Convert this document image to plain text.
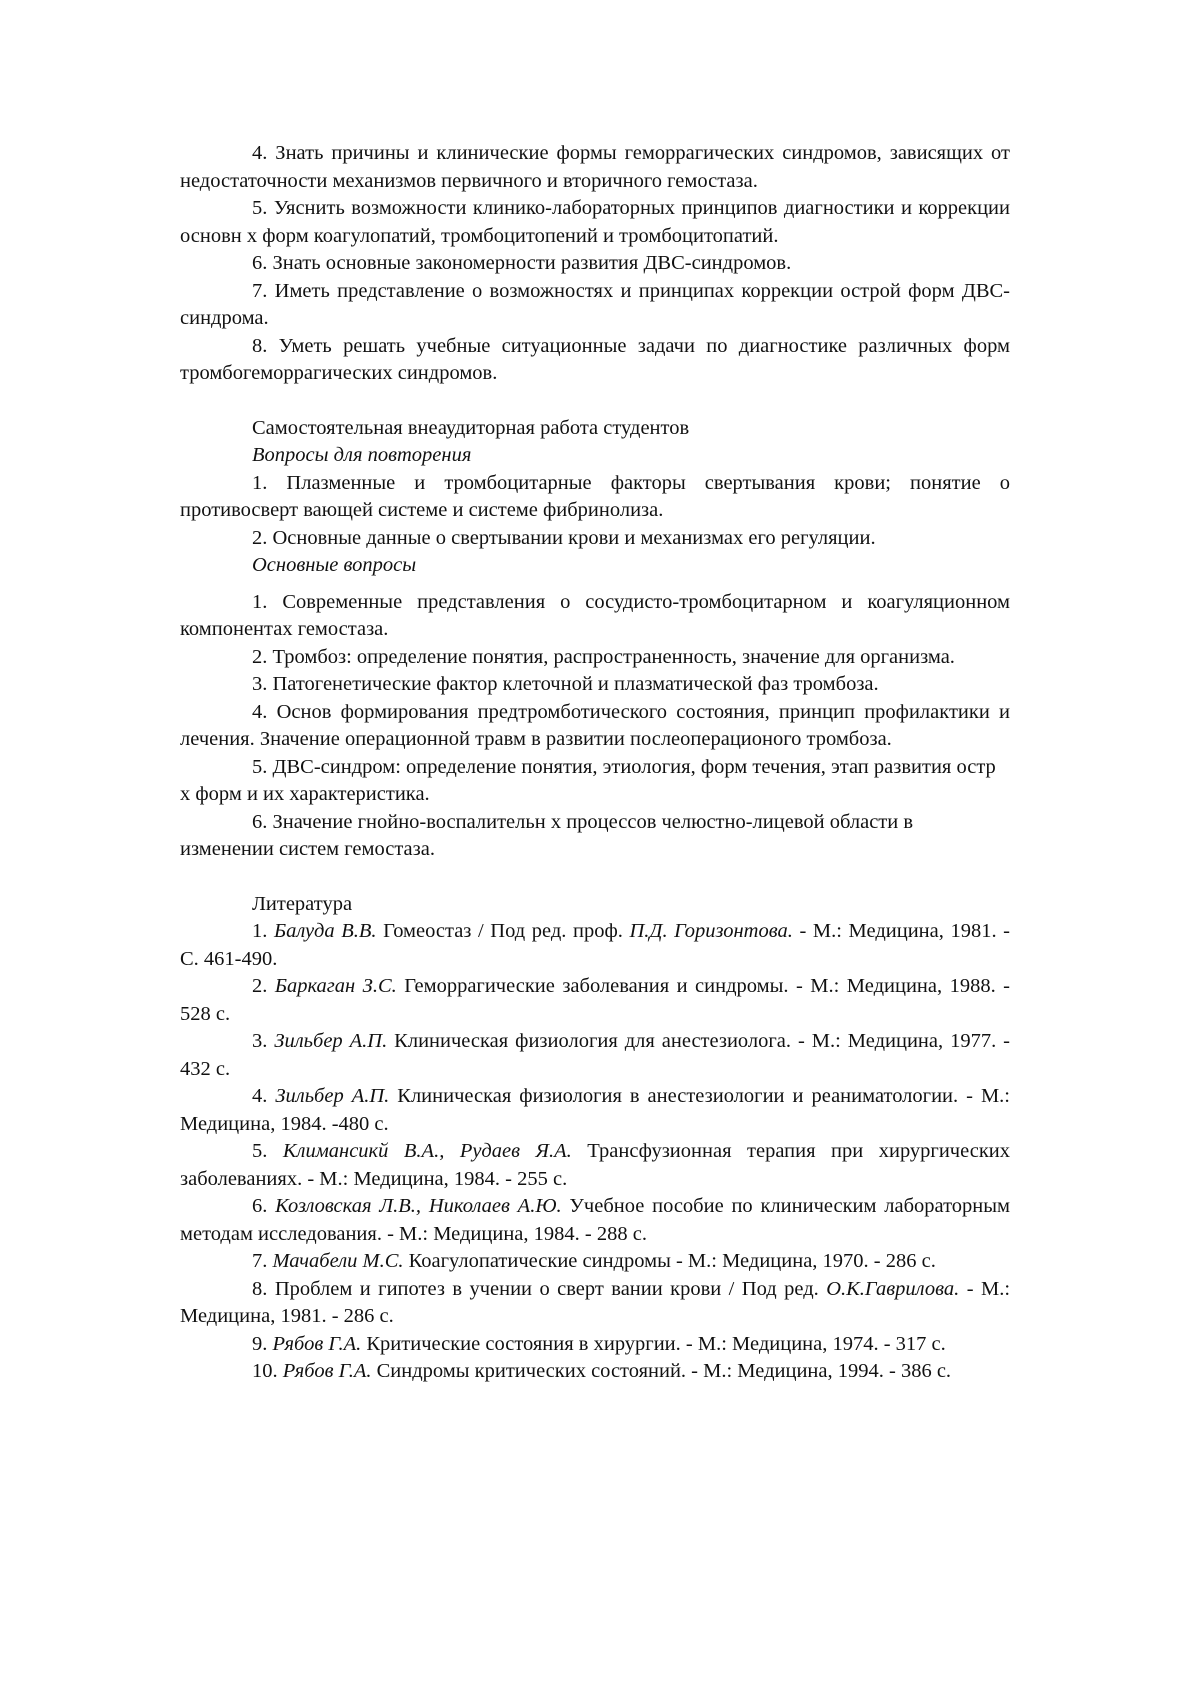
4. Знать причины и клинические формы геморрагических синдромов, зависящих от недостаточности механизмов первичного и вторичного гемостаза.

5. Уяснить возможности клинико-лабораторных принципов диагностики и коррекции основн х форм коагулопатий, тромбоцитопений и тромбоцитопатий.

6. Знать основные закономерности развития ДВС-синдромов.

7. Иметь представление о возможностях и принципах коррекции острой форм ДВС-синдрома.

8. Уметь решать учебные ситуационные задачи по диагностике различных форм тромбогеморрагических синдромов.

Самостоятельная внеаудиторная работа студентов

Вопросы для повторения

1. Плазменные и тромбоцитарные факторы свертывания крови; понятие о противосверт вающей системе и системе фибринолиза.

2. Основные данные о свертывании крови и механизмах его регуляции.

Основные вопросы

1. Современные представления о сосудисто-тромбоцитарном и коагуляционном компонентах гемостаза.

2. Тромбоз: определение понятия, распространенность, значение для организма.

3. Патогенетические фактор клеточной и плазматической фаз тромбоза.

4. Основ формирования предтромботического состояния, принцип профилактики и лечения. Значение операционной травм в развитии послеоперационого тромбоза.

5. ДВС-синдром: определение понятия, этиология, форм течения, этап развития остр х форм и их характеристика.

6. Значение гнойно-воспалительн х процессов челюстно-лицевой области в изменении систем гемостаза.

Литература

1. Балуда В.В. Гомеостаз / Под ред. проф. П.Д. Горизонтова. - М.: Медицина, 1981. - С. 461-490.

2. Баркаган З.С. Геморрагические заболевания и синдромы. - М.: Медицина, 1988. - 528 с.

3. Зильбер А.П. Клиническая физиология для анестезиолога. - М.: Медицина, 1977. - 432 с.

4. Зильбер А.П. Клиническая физиология в анестезиологии и реаниматологии. - М.: Медицина, 1984. -480 с.

5. Климансикй В.А., Рудаев Я.А. Трансфузионная терапия при хирургических заболеваниях. - М.: Медицина, 1984. - 255 с.

6. Козловская Л.В., Николаев А.Ю. Учебное пособие по клиническим лабораторным методам исследования. - М.: Медицина, 1984. - 288 с.

7. Мачабели М.С. Коагулопатические синдромы - М.: Медицина, 1970. - 286 с.

8. Проблем и гипотез в учении о сверт вании крови / Под ред. О.К.Гаврилова. - М.: Медицина, 1981. - 286 с.

9. Рябов Г.А. Критические состояния в хирургии. - М.: Медицина, 1974. - 317 с.

10. Рябов Г.А. Синдромы критических состояний. - М.: Медицина, 1994. - 386 с.
